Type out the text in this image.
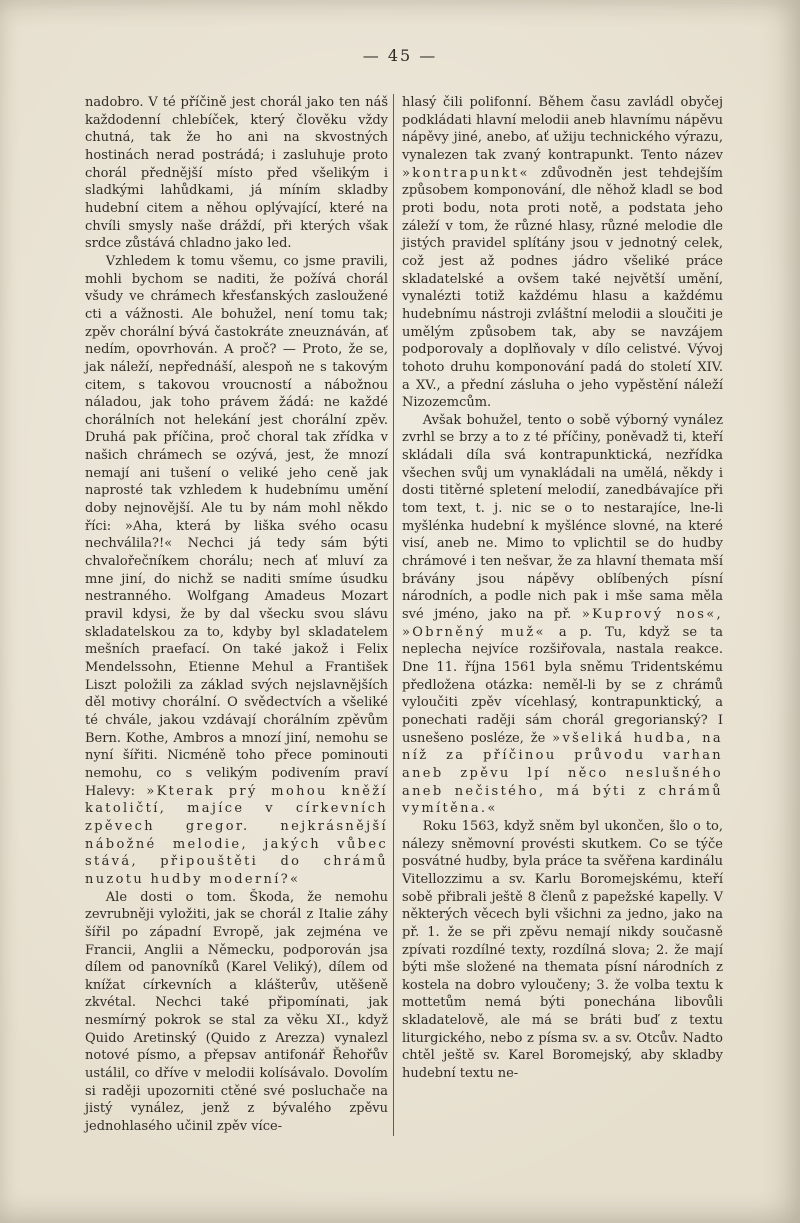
— 45 —

nadobro. V té příčině jest chorál jako ten náš každodenní chlebíček, který člověku vždy chutná, tak že ho ani na skvostných hostinách nerad postrádá; i zasluhuje proto chorál přednější místo před všelikým i sladkými lahůdkami, já míním skladby hudební citem a něhou oplývající, které na chvíli smysly naše dráždí, při kterých však srdce zůstává chladno jako led.

Vzhledem k tomu všemu, co jsme pravili, mohli bychom se naditi, že požívá chorál všudy ve chrámech křesťanských zasloužené cti a vážnosti. Ale bohužel, není tomu tak; zpěv chorální bývá častokráte zneuznáván, ať nedím, opovrhován. A proč? — Proto, že se, jak náleží, nepřednáší, alespoň ne s takovým citem, s takovou vroucností a nábožnou náladou, jak toho právem žádá: ne každé chorálních not helekání jest chorální zpěv. Druhá pak příčina, proč choral tak zřídka v našich chrámech se ozývá, jest, že mnozí nemají ani tušení o veliké jeho ceně jak naprosté tak vzhledem k hudebnímu umění doby nejnovější. Ale tu by nám mohl někdo říci: »Aha, která by liška svého ocasu nechválila?!« Nechci já tedy sám býti chvalořečníkem chorálu; nech ať mluví za mne jiní, do nichž se naditi smíme úsudku nestranného. Wolfgang Amadeus Mozart pravil kdysi, že by dal všecku svou slávu skladatelskou za to, kdyby byl skladatelem mešních praefací. On také jakož i Felix Mendelssohn, Etienne Mehul a František Liszt položili za základ svých nejslavnějších děl motivy chorální. O svědectvích a všeliké té chvále, jakou vzdávají chorálním zpěvům Bern. Kothe, Ambros a mnozí jiní, nemohu se nyní šířiti. Nicméně toho přece pominouti nemohu, co s velikým podivením praví Halevy: »Kterak prý mohou kněží katoličtí, majíce v církevních zpěvech gregor. nejkrásnější nábožné melodie, jakých vůbec stává, připouštěti do chrámů nuzotu hudby moderní?«

Ale dosti o tom. Škoda, že nemohu zevrubněji vyložiti, jak se chorál z Italie záhy šířil po západní Evropě, jak zejména ve Francii, Anglii a Německu, podporován jsa dílem od panovníků (Karel Veliký), dílem od knížat církevních a klášterův, utěšeně zkvétal. Nechci také připomínati, jak nesmírný pokrok se stal za věku XI., když Quido Aretinský (Quido z Arezza) vynalezl notové písmo, a přepsav antifonář Řehořův ustálil, co dříve v melodii kolísávalo. Dovolím si raději upozorniti ctěné své posluchače na jistý vynález, jenž z bývalého zpěvu jednohlasého učinil zpěv více-

hlasý čili polifonní. Během času zavládl obyčej podkládati hlavní melodii aneb hlavnímu nápěvu nápěvy jiné, anebo, ať užiju technického výrazu, vynalezen tak zvaný kontrapunkt. Tento název »kontrapunkt« zdůvodněn jest tehdejším způsobem komponování, dle něhož kladl se bod proti bodu, nota proti notě, a podstata jeho záleží v tom, že různé hlasy, různé melodie dle jistých pravidel splítány jsou v jednotný celek, což jest až podnes jádro všeliké práce skladatelské a ovšem také největší umění, vynalézti totiž každému hlasu a každému hudebnímu nástroji zvláštní melodii a sloučiti je umělým způsobem tak, aby se navzájem podporovaly a doplňovaly v dílo celistvé. Vývoj tohoto druhu komponování padá do století XIV. a XV., a přední zásluha o jeho vypěstění náleží Nizozemcům.

Avšak bohužel, tento o sobě výborný vynález zvrhl se brzy a to z té příčiny, poněvadž ti, kteří skládali díla svá kontrapunktická, nezřídka všechen svůj um vynakládali na umělá, někdy i dosti titěrné spletení melodií, zanedbávajíce při tom text, t. j. nic se o to nestarajíce, lne-li myšlénka hudební k myšlénce slovné, na které visí, aneb ne. Mimo to vplichtil se do hudby chrámové i ten nešvar, že za hlavní themata mší brávány jsou nápěvy oblíbených písní národních, a podle nich pak i mše sama měla své jméno, jako na př. »Kuprový nos«, »Obrněný muž« a p. Tu, když se ta neplecha nejvíce rozšiřovala, nastala reakce. Dne 11. října 1561 byla sněmu Tridentskému předložena otázka: neměl-li by se z chrámů vyloučiti zpěv vícehlasý, kontrapunktický, a ponechati raději sám chorál gregorianský? I usnešeno posléze, že »všeliká hudba, na níž za příčinou průvodu varhan aneb zpěvu lpí něco neslušného aneb nečistého, má býti z chrámů vymítěna.«

Roku 1563, když sněm byl ukončen, šlo o to, nálezy sněmovní provésti skutkem. Co se týče posvátné hudby, byla práce ta svěřena kardinálu Vitellozzimu a sv. Karlu Boromejskému, kteří sobě přibrali ještě 8 členů z papežské kapelly. V některých věcech byli všichni za jedno, jako na př. 1. že se při zpěvu nemají nikdy současně zpívati rozdílné texty, rozdílná slova; 2. že mají býti mše složené na themata písní národních z kostela na dobro vyloučeny; 3. že volba textu k mottetům nemá býti ponechána libovůli skladatelově, ale má se bráti buď z textu liturgického, nebo z písma sv. a sv. Otcův. Nadto chtěl ještě sv. Karel Boromejský, aby skladby hudební textu ne-
